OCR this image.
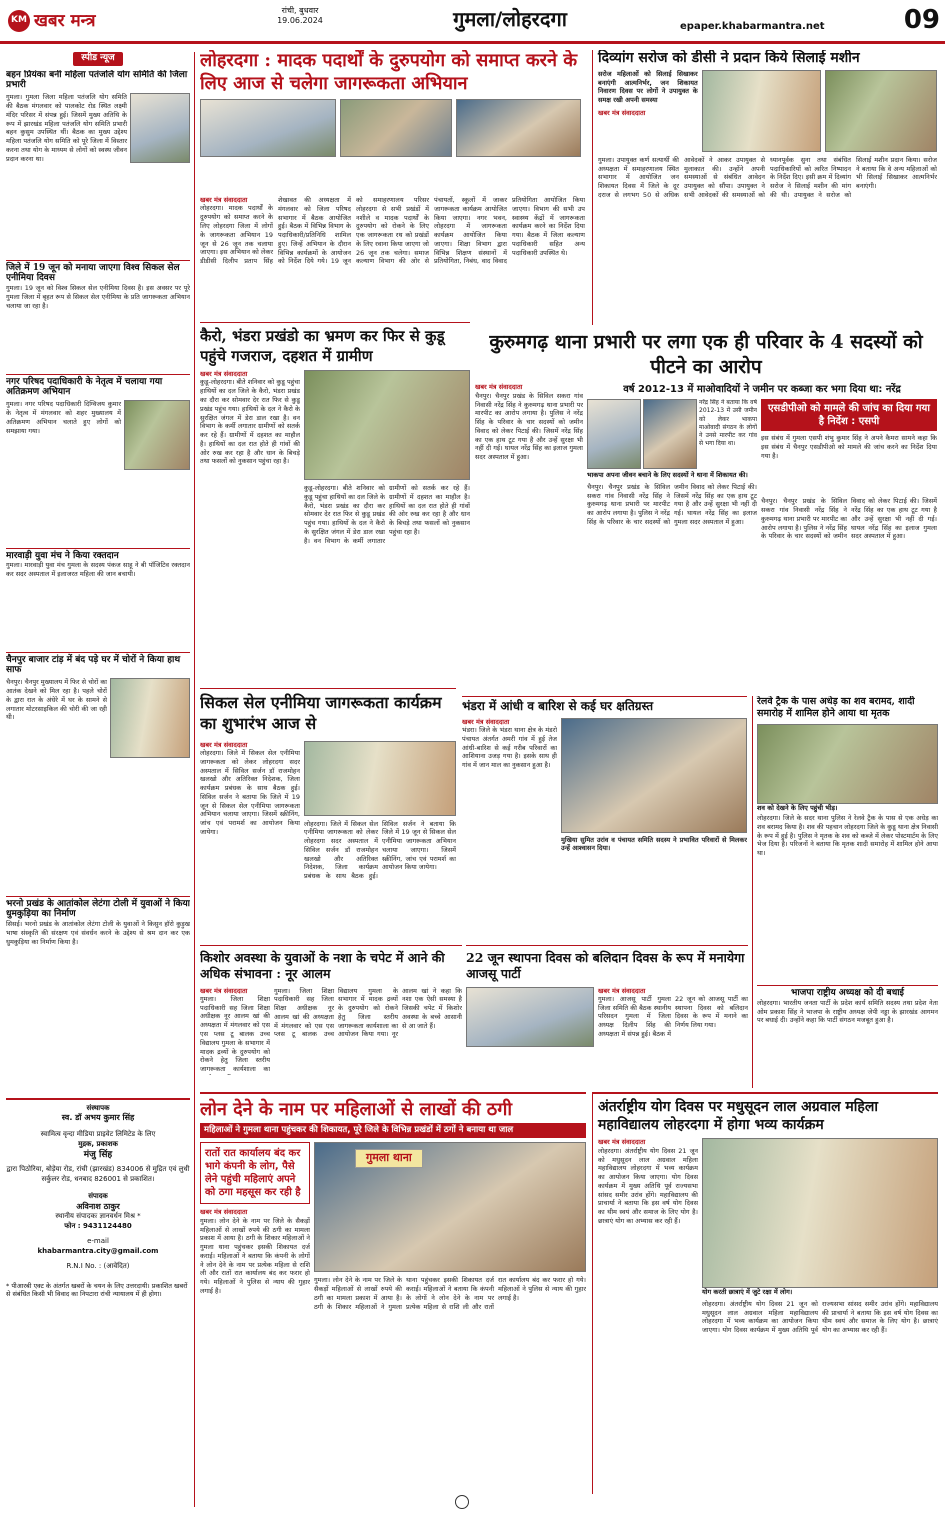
KM खबर मन्त्र
रांची, बुधवार
19.06.2024	गुमला/लोहरदगा	epaper.khabarmantra.net	09
स्पीड न्यूज
बहन प्रियंका बनी महिला पतंजलि योग समिति की जिला प्रभारी
गुमला। गुमला जिला महिला पतंजलि योग समिति की बैठक मंगलवार को पालकोट रोड स्थित लक्ष्मी मंदिर परिसर में संपन्न हुई। जिसमें मुख्य अतिथि के रूप में झारखंड महिला पतंजलि योग समिति प्रभारी बहन कुसुम उपस्थित थीं। बैठक का मुख्य उद्देश्य महिला पतंजलि योग समिति को पूरे जिला में विस्तार करना तथा योग के माध्यम से लोगों को स्वस्थ जीवन प्रदान करना था।
जिले में 19 जून को मनाया जाएगा विश्व सिकल सेल एनीमिया दिवस
गुमला। 19 जून को विश्व सिकल सेल एनीमिया दिवस है। इस अवसर पर पूरे गुमला जिला में बृहत रूप से सिकल सेल एनीमिया के प्रति जागरूकता अभियान चलाया जा रहा है।
नगर परिषद पदाधिकारी के नेतृत्व में चलाया गया अतिक्रमण अभियान
गुमला। नगर परिषद पदाधिकारी दिग्विजय कुमार के नेतृत्व में मंगलवार को शहर मुख्यालय में अतिक्रमण अभियान चलाते हुए लोगों को समझाया गया।
मारवाड़ी युवा मंच ने किया रक्तदान
गुमला। मारवाड़ी युवा मंच गुमला के सदस्य पंकज साहू ने बी पॉजिटिव रक्तदान कर सदर अस्पताल में इलाजरत महिला की जान बचायी।
चैनपुर बाजार टांड़ में बंद पड़े घर में चोरों ने किया हाथ साफ
चैनपुर। चैनपुर मुख्यालय में फिर से चोरों का आतंक देखने को मिल रहा है। पहले चोरों के द्वारा रात के अंधेरे में घर के सामने से लगातार मोटरसाइकिल की चोरी की जा रही थी।
भरनो प्रखंड के आतांकोल लेटंगा टोली में युवाओं ने किया धुमकुड़िया का निर्माण
सिसई। भरनो प्रखंड के आतांकोल लेटंगा टोली के युवाओं ने किसुन हॉरो कुड़ुख भाषा संस्कृति की संरक्षण एवं संवर्धन करने के उद्देश्य से श्रम दान कर एक धुमकुड़िया का निर्माण किया है।
संस्थापक
स्व. डॉ अभय कुमार सिंह
स्वामित्व वृन्दा मीडिया प्राइवेट लिमिटेड के लिए
मुद्रक, प्रकाशक
मंजु सिंह
द्वारा पिठोरिया, बोड़ेया रोड, रांची (झारखंड) 834006 से मुद्रित एवं लुधी सर्कुलर रोड, धनबाद 826001 से प्रकाशित।
संपादक
अविनाश ठाकुर
स्थानीय संपादकः ज्ञानवर्धन मिश्र *
फोन : 9431124480
e-mail
khabarmantra.city@gmail.com
R.N.I No. : (आवेदित)
* पीआरबी एक्ट के अंतर्गत खबरों के चयन के लिए उत्तरदायी। प्रकाशित खबरों से संबंधित किसी भी विवाद का निपटारा रांची न्यायालय में ही होगा।
लोहरदगा : मादक पदार्थों के दुरुपयोग को समाप्त करने के लिए आज से चलेगा जागरूकता अभियान
खबर मंत्र संवाददाता
लोहरदगा। मादक पदार्थों के दुरुपयोग को समाप्त करने के लिए लोहरदगा जिला में लोगों के जागरूकता अभियान 19 जून से 26 जून तक चलाया जाएगा। इस अभियान को लेकर डीडीसी दिलीप प्रताप सिंह शेखावत की अध्यक्षता में मंगलवार को जिला परिषद सभागार में बैठक आयोजित हुई। बैठक में विभिन्न विभाग के पदाधिकारी/प्रतिनिधि शामिल हुए। जिन्हें अभियान के दौरान विभिन्न कार्यक्रमों के आयोजन को निर्देश दिये गये। 19 जून को समाहरणालय परिसर लोहरदगा से सभी प्रखंडों में नशीले व मादक पदार्थों के दुरुपयोग को रोकने के लिए एक जागरूकता रथ को प्रखंडों के लिए रवाना किया जाएगा जो 26 जून तक चलेगा। समाज कल्याण विभाग की ओर से पंचायतों, स्कूलों में जाकर जागरूकता कार्यक्रम आयोजित किया जाएगा। नगर भवन, लोहरदगा में जागरूकता कार्यक्रम आयोजित किया जाएगा। शिक्षा विभाग द्वारा विभिन्न शिक्षण संस्थानों में प्रतियोगिता, निबंध, वाद विवाद प्रतियोगिता आयोजित किया जाएगा। विभाग की सभी उप स्वास्थ्य केंद्रों में जागरूकता कार्यक्रम करने का निर्देश दिया गया। बैठक में जिला कल्याण पदाधिकारी सहित अन्य पदाधिकारी उपस्थित थे।
दिव्यांग सरोज को डीसी ने प्रदान किये सिलाई मशीन
सरोज महिलाओं को सिलाई सिखाकर बनाएंगी आत्मनिर्भर, जन शिकायत निवारण दिवस पर लोगों ने उपायुक्त के समक्ष रखी अपनी समस्या
खबर मंत्र संवाददाता
गुमला। उपायुक्त कर्ण सत्यार्थी की अध्यक्षता में समाहरणालय स्थित सभागार में आयोजित जन शिकायत दिवस में जिले के दूर दराज से लगभग 50 से अधिक आवेदकों ने आकर उपायुक्त से मुलाकात की। उन्होंने अपनी समस्याओं से संबंधित आवेदन उपायुक्त को सौंपा। उपायुक्त ने सभी आवेदकों की समस्याओं को ध्यानपूर्वक सुना तथा संबंधित पदाधिकारियों को त्वरित निष्पादन के निर्देश दिए। इसी क्रम में दिव्यांग सरोज ने सिलाई मशीन की मांग की थी। उपायुक्त ने सरोज को सिलाई मशीन प्रदान किया। सरोज ने बताया कि वे अन्य महिलाओं को भी सिलाई सिखाकर आत्मनिर्भर बनाएंगी।
कैरो, भंडरा प्रखंडो का भ्रमण कर फिर से कुडू पहुंचे गजराज, दहशत में ग्रामीण
खबर मंत्र संवाददाता
कुडू-लोहरदगा। बीते शनिवार को कुडू पहुंचा हाथियों का दल जिले के कैरो, भंडरा प्रखंड का दौरा कर सोमवार देर रात फिर से कुडू प्रखंड पहुंच गया। हाथियों के दल ने कैरो के सुरक्षित जंगल में डेरा डाल रखा है। वन विभाग के कर्मी लगातार ग्रामीणों को सतर्क कर रहे हैं। ग्रामीणों में दहशत का माहौल है। हाथियों का दल रात होते ही गांवों की ओर रुख कर रहा है और धान के बिचड़े तथा फसलों को नुकसान पहुंचा रहा है।
कुडू-लोहरदगा। बीते शनिवार को कुडू पहुंचा हाथियों का दल जिले के कैरो, भंडरा प्रखंड का दौरा कर सोमवार देर रात फिर से कुडू प्रखंड पहुंच गया। हाथियों के दल ने कैरो के सुरक्षित जंगल में डेरा डाल रखा है। वन विभाग के कर्मी लगातार ग्रामीणों को सतर्क कर रहे हैं। ग्रामीणों में दहशत का माहौल है। हाथियों का दल रात होते ही गांवों की ओर रुख कर रहा है और धान के बिचड़े तथा फसलों को नुकसान पहुंचा रहा है।
कुरुमगढ़ थाना प्रभारी पर लगा एक ही परिवार के 4 सदस्यों को पीटने का आरोप
खबर मंत्र संवाददाता
चैनपुर। चैनपुर प्रखंड के सिविल सकरा गांव निवासी नरेंद्र सिंह ने कुरुमगढ़ थाना प्रभारी पर मारपीट का आरोप लगाया है। पुलिस ने नरेंद्र सिंह के परिवार के चार सदस्यों को जमीन विवाद को लेकर पिटाई की। जिसमें नरेंद्र सिंह का एक हाथ टूट गया है और उन्हें सुरक्षा भी नहीं दी गई। घायल नरेंद्र सिंह का इलाज गुमला सदर अस्पताल में हुआ।
वर्ष 2012-13 में माओवादियों ने जमीन पर कब्जा कर भगा दिया था: नरेंद्र
नरेंद्र सिंह ने बताया कि वर्ष 2012-13 में उसी जमीन को लेकर भाकपा माओवादी संगठन के लोगों ने उनसे मारपीट कर गांव से भगा दिया था।
भाकपा अपना जीवन बचाने के लिए सदस्यों ने थाना में शिकायत की।
चैनपुर। चैनपुर प्रखंड के सिविल सकरा गांव निवासी नरेंद्र सिंह ने कुरुमगढ़ थाना प्रभारी पर मारपीट का आरोप लगाया है। पुलिस ने नरेंद्र सिंह के परिवार के चार सदस्यों को जमीन विवाद को लेकर पिटाई की। जिसमें नरेंद्र सिंह का एक हाथ टूट गया है और उन्हें सुरक्षा भी नहीं दी गई। घायल नरेंद्र सिंह का इलाज गुमला सदर अस्पताल में हुआ।
एसडीपीओ को मामले की जांच का दिया गया है निर्देश : एसपी
इस संबंध में गुमला एसपी शंभु कुमार सिंह ने अपने कैमरा सामने कहा कि इस संबंध में चैनपुर एसडीपीओ को मामले की जांच करने का निर्देश दिया गया है।
चैनपुर। चैनपुर प्रखंड के सिविल सकरा गांव निवासी नरेंद्र सिंह ने कुरुमगढ़ थाना प्रभारी पर मारपीट का आरोप लगाया है। पुलिस ने नरेंद्र सिंह के परिवार के चार सदस्यों को जमीन विवाद को लेकर पिटाई की। जिसमें नरेंद्र सिंह का एक हाथ टूट गया है और उन्हें सुरक्षा भी नहीं दी गई। घायल नरेंद्र सिंह का इलाज गुमला सदर अस्पताल में हुआ।
सिकल सेल एनीमिया जागरूकता कार्यक्रम का शुभारंभ आज से
खबर मंत्र संवाददाता
लोहरदगा। जिले में सिकल सेल एनीमिया जागरूकता को लेकर लोहरदगा सदर अस्पताल में सिविल सर्जन डॉ राजमोहन खलखो और अतिरिक्त निदेशक, जिला कार्यक्रम प्रबंधक के साथ बैठक हुई। सिविल सर्जन ने बताया कि जिले में 19 जून से सिकल सेल एनीमिया जागरूकता अभियान चलाया जाएगा। जिसमें स्क्रीनिंग, जांच एवं परामर्श का आयोजन किया जायेगा।
लोहरदगा। जिले में सिकल सेल एनीमिया जागरूकता को लेकर लोहरदगा सदर अस्पताल में सिविल सर्जन डॉ राजमोहन खलखो और अतिरिक्त निदेशक, जिला कार्यक्रम प्रबंधक के साथ बैठक हुई। सिविल सर्जन ने बताया कि जिले में 19 जून से सिकल सेल एनीमिया जागरूकता अभियान चलाया जाएगा। जिसमें स्क्रीनिंग, जांच एवं परामर्श का आयोजन किया जायेगा।
भंडरा में आंधी व बारिश से कई घर क्षतिग्रस्त
खबर मंत्र संवाददाता
भंडरा। जिले के भंडरा थाना क्षेत्र के मंडरो पंचायत अंतर्गत अमरी गांव में हुई तेज आंधी-बारिश से कई गरीब परिवारों का आशियाना उजड़ गया है। इसके साथ ही गांव में जान माल का नुकसान हुआ है।
मुखिया सुमित उरांव व पंचायत समिति सदस्य ने प्रभावित परिवारों से मिलकर उन्हें आश्वासन दिया।
रेलवे ट्रैक के पास अधेड़ का शव बरामद, शादी समारोह में शामिल होने आया था मृतक
शव को देखने के लिए पहुंची भीड़।
लोहरदगा। जिले के सदर थाना पुलिस ने रेलवे ट्रैक के पास से एक अधेड़ का शव बरामद किया है। शव की पहचान लोहरदगा जिले के कुडू थाना क्षेत्र निवासी के रूप में हुई है। पुलिस ने मृतक के शव को कब्जे में लेकर पोस्टमार्टम के लिए भेज दिया है। परिजनों ने बताया कि मृतक शादी समारोह में शामिल होने आया था।
भाजपा राष्ट्रीय अध्यक्ष को दी बधाई
लोहरदगा। भारतीय जनता पार्टी के प्रदेश कार्य समिति सदस्य तथा प्रदेश नेता ओम प्रकाश सिंह ने भाजपा के राष्ट्रीय अध्यक्ष जेपी नड्डा के झारखंड आगमन पर बधाई दी। उन्होंने कहा कि पार्टी संगठन मजबूत हुआ है।
किशोर अवस्था के युवाओं के नशा के चपेट में आने की अधिक संभावना : नूर आलम
खबर मंत्र संवाददाता
गुमला। जिला शिक्षा पदाधिकारी सह जिला शिक्षा अधीक्षक नूर आलम खां की अध्यक्षता में मंगलवार को एस एस प्लस टू बालक उच्च विद्यालय गुमला के सभागार में मादक द्रव्यों के दुरुपयोग को रोकने हेतु जिला स्तरीय जागरूकता कार्यशाला का
गुमला। जिला शिक्षा पदाधिकारी सह जिला शिक्षा अधीक्षक नूर आलम खां की अध्यक्षता में मंगलवार को एस एस प्लस टू बालक उच्च विद्यालय गुमला के सभागार में मादक द्रव्यों के दुरुपयोग को रोकने हेतु जिला स्तरीय जागरूकता कार्यशाला का आयोजन किया गया। नूर आलम खां ने कहा कि नशा एक ऐसी समस्या है जिसकी चपेट में किशोर अवस्था के बच्चे आसानी से आ जाते हैं।
22 जून स्थापना दिवस को बलिदान दिवस के रूप में मनायेगा आजसू पार्टी
खबर मंत्र संवाददाता
गुमला। आजसू पार्टी गुमला जिला समिति की बैठक स्थानीय परिसदन गुमला में जिला अध्यक्ष दिलीप सिंह की अध्यक्षता में संपन्न हुई। बैठक में 22 जून को आजसू पार्टी का स्थापना दिवस को बलिदान दिवस के रूप में मनाने का निर्णय लिया गया।
लोन देने के नाम पर महिलाओं से लाखों की ठगी
महिलाओं ने गुमला थाना पहुंचकर की शिकायत, पूरे जिले के विभिन्न प्रखंडों में ठगों ने बनाया था जाल
रातों रात कार्यालय बंद कर भागे कंपनी के लोग, पैसे लेने पहुंची महिलाएं अपने को ठगा महसूस कर रही है
खबर मंत्र संवाददाता
गुमला। लोन देने के नाम पर जिले के सैकड़ों महिलाओं से लाखों रुपये की ठगी का मामला प्रकाश में आया है। ठगी के शिकार महिलाओं ने गुमला थाना पहुंचकर इसकी शिकायत दर्ज कराई। महिलाओं ने बताया कि कंपनी के लोगों ने लोन देने के नाम पर प्रत्येक महिला से राशि ली और रातों रात कार्यालय बंद कर फरार हो गये। महिलाओं ने पुलिस से न्याय की गुहार लगाई है।
गुमला थाना
गुमला। लोन देने के नाम पर जिले के सैकड़ों महिलाओं से लाखों रुपये की ठगी का मामला प्रकाश में आया है। ठगी के शिकार महिलाओं ने गुमला थाना पहुंचकर इसकी शिकायत दर्ज कराई। महिलाओं ने बताया कि कंपनी के लोगों ने लोन देने के नाम पर प्रत्येक महिला से राशि ली और रातों रात कार्यालय बंद कर फरार हो गये। महिलाओं ने पुलिस से न्याय की गुहार लगाई है।
अंतर्राष्ट्रीय योग दिवस पर मधुसूदन लाल अग्रवाल महिला महाविद्यालय लोहरदगा में होगा भव्य कार्यक्रम
खबर मंत्र संवाददाता
लोहरदगा। अंतर्राष्ट्रीय योग दिवस 21 जून को मधुसूदन लाल अग्रवाल महिला महाविद्यालय लोहरदगा में भव्य कार्यक्रम का आयोजन किया जाएगा। योग दिवस कार्यक्रम में मुख्य अतिथि पूर्व राज्यसभा सांसद समीर उरांव होंगे। महाविद्यालय की प्राचार्या ने बताया कि इस वर्ष योग दिवस का थीम स्वयं और समाज के लिए योग है। छात्राएं योग का अभ्यास कर रही हैं।
योग करती छात्राएं में जुटे रक्षा में लोग।
लोहरदगा। अंतर्राष्ट्रीय योग दिवस 21 जून को मधुसूदन लाल अग्रवाल महिला महाविद्यालय लोहरदगा में भव्य कार्यक्रम का आयोजन किया जाएगा। योग दिवस कार्यक्रम में मुख्य अतिथि पूर्व राज्यसभा सांसद समीर उरांव होंगे। महाविद्यालय की प्राचार्या ने बताया कि इस वर्ष योग दिवस का थीम स्वयं और समाज के लिए योग है। छात्राएं योग का अभ्यास कर रही हैं।
